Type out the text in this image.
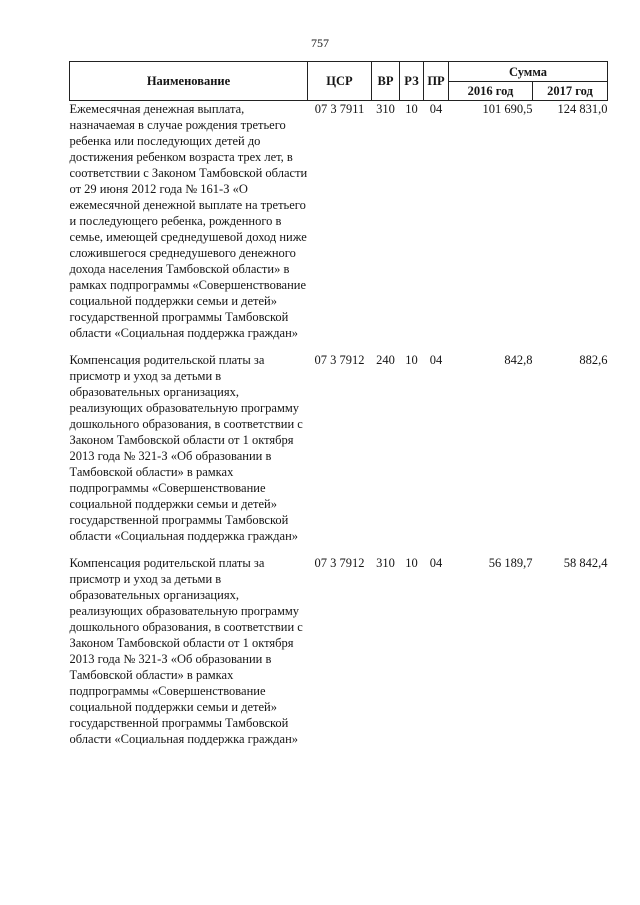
757
Наименование	ЦСР	ВР	РЗ	ПР	Сумма	
					2016 год	2017 год
Ежемесячная денежная выплата, назначаемая в случае рождения третьего ребенка или последующих детей до достижения ребенком возраста трех лет, в соответствии с Законом Тамбовской области от 29 июня 2012 года № 161-З «О ежемесячной денежной выплате на третьего и последующего ребенка, рожденного в семье, имеющей среднедушевой доход ниже сложившегося среднедушевого денежного дохода населения Тамбовской области» в рамках подпрограммы «Совершенствование социальной поддержки семьи и детей» государственной программы Тамбовской области «Социальная поддержка граждан»	07 3 7911	310	10	04	101 690,5	124 831,0
Компенсация родительской платы за присмотр и уход за детьми в образовательных организациях, реализующих образовательную программу дошкольного образования, в соответствии с Законом Тамбовской области от 1 октября 2013 года № 321-З «Об образовании в Тамбовской области» в рамках подпрограммы «Совершенствование социальной поддержки семьи и детей» государственной программы Тамбовской области «Социальная поддержка граждан»	07 3 7912	240	10	04	842,8	882,6
Компенсация родительской платы за присмотр и уход за детьми в образовательных организациях, реализующих образовательную программу дошкольного образования, в соответствии с Законом Тамбовской области от 1 октября 2013 года № 321-З «Об образовании в Тамбовской области» в рамках подпрограммы «Совершенствование социальной поддержки семьи и детей» государственной программы Тамбовской области «Социальная поддержка граждан»	07 3 7912	310	10	04	56 189,7	58 842,4
